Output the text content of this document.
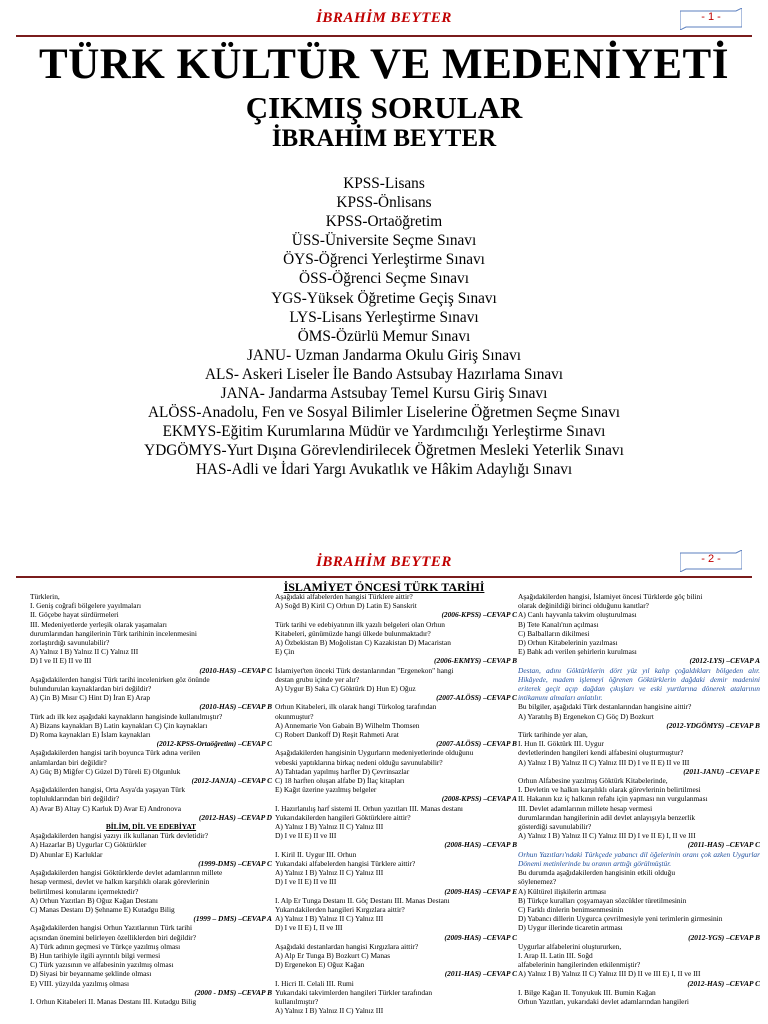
İBRAHİM BEYTER	- 1 -
TÜRK KÜLTÜR VE MEDENİYETİ
ÇIKMIŞ SORULAR
İBRAHİM BEYTER
KPSS-Lisans
KPSS-Önlisans
KPSS-Ortaöğretim
ÜSS-Üniversite Seçme Sınavı
ÖYS-Öğrenci Yerleştirme Sınavı
ÖSS-Öğrenci Seçme Sınavı
YGS-Yüksek Öğretime Geçiş Sınavı
LYS-Lisans Yerleştirme Sınavı
ÖMS-Özürlü Memur Sınavı
JANU- Uzman Jandarma Okulu Giriş Sınavı
ALS- Askeri Liseler İle Bando Astsubay Hazırlama Sınavı
JANA- Jandarma Astsubay Temel Kursu Giriş Sınavı
ALÖSS-Anadolu, Fen ve Sosyal Bilimler Liselerine Öğretmen Seçme Sınavı
EKMYS-Eğitim Kurumlarına Müdür ve Yardımcılığı Yerleştirme Sınavı
YDGÖMYS-Yurt Dışına Görevlendirilecek Öğretmen Mesleki Yeterlik Sınavı
HAS-Adli ve İdari Yargı Avukatlık ve Hâkim Adaylığı Sınavı
İBRAHİM BEYTER	- 2 -
İSLAMİYET ÖNCESİ TÜRK TARİHİ

Türklerin,

I. Geniş coğrafi bölgelere yayılmaları

II. Göçebe hayat sürdürmeleri

III. Medeniyetlerde yerleşik olarak yaşamaları

durumlarından hangilerinin Türk tarihinin incelenmesini

zorlaştırdığı savunulabilir?

A) Yalnız I B) Yalnız II C) Yalnız III

D) I ve II E) II ve III

(2010-HAS) –CEVAP C

Aşağıdakilerden hangisi Türk tarihi incelenirken göz önünde

bulundurulan kaynaklardan biri değildir?

A) Çin B) Mısır C) Hint D) İran E) Arap

(2010-HAS) –CEVAP B

Türk adı ilk kez aşağıdaki kaynakların hangisinde kullanılmıştır?

A) Bizans kaynakları B) Latin kaynakları C) Çin kaynakları

D) Roma kaynakları E) İslam kaynakları

(2012-KPSS-Ortaöğretim) –CEVAP C

Aşağıdakilerden hangisi tarih boyunca Türk adına verilen

anlamlardan biri değildir?

A) Güç B) Miğfer C) Güzel D) Türeli E) Olgunluk

(2012-JANJA) –CEVAP C

Aşağıdakilerden hangisi, Orta Asya'da yaşayan Türk

topluluklarından biri değildir?

A) Avar B) Altay C) Karluk D) Avar E) Andronova

(2012-HAS) –CEVAP D

BİLİM, DİL VE EDEBİYAT

Aşağıdakilerden hangisi yazıyı ilk kullanan Türk devletidir?

A) Hazarlar B) Uygurlar C) Göktürkler

D) Ahunlar E) Karluklar

(1999-DMS) –CEVAP C

Aşağıdakilerden hangisi Göktürklerde devlet adamlarının millete

hesap vermesi, devlet ve halkın karşılıklı olarak görevlerinin

belirtilmesi konularını içermektedir?

A) Orhun Yazıtları B) Oğuz Kağan Destanı

C) Manas Destanı D) Şehname E) Kutadgu Bilig

(1999 – DMS) –CEVAP A

Aşağıdakilerden hangisi Orhun Yazıtlarının Türk tarihi

açısından önemini belirleyen özelliklerden biri değildir?

A) Türk adının geçmesi ve Türkçe yazılmış olması

B) Hun tarihiyle ilgili ayrıntılı bilgi vermesi

C) Türk yazısının ve alfabesinin yazılmış olması

D) Siyasi bir beyanname şeklinde olması

E) VIII. yüzyılda yazılmış olması

(2000 - DMS) –CEVAP B

I. Orhun Kitabeleri II. Manas Destanı III. Kutadgu Bilig

Aşağıdaki alfabelerden hangisi Türklere aittir?

A) Soğd B) Kiril C) Orhun D) Latin E) Sanskrit

(2006-KPSS) –CEVAP C

Türk tarihi ve edebiyatının ilk yazılı belgeleri olan Orhun

Kitabeleri, günümüzde hangi ülkede bulunmaktadır?

A) Özbekistan B) Moğolistan C) Kazakistan D) Macaristan

E) Çin

(2006-EKMYS) –CEVAP B

İslamiyet'ten önceki Türk destanlarından "Ergenekon" hangi

destan grubu içinde yer alır?

A) Uygur B) Saka C) Göktürk D) Hun E) Oğuz

(2007-ALÖSS) –CEVAP C

Orhun Kitabeleri, ilk olarak hangi Türkolog tarafından

okunmuştur?

A) Annemarie Von Gabain B) Wilhelm Thomsen

C) Robert Dankoff D) Reşit Rahmeti Arat

(2007-ALÖSS) –CEVAP B

Aşağıdakilerden hangisinin Uygurların medeniyetlerinde olduğunu

vebeski yaptıklarına birkaç nedeni olduğu savunulabilir?

A) Tahtadan yapılmış harfler D) Çevrinsazlar

C) 18 harften oluşan alfabe D) İlaç kitapları

E) Kağıt üzerine yazılmış belgeler

(2008-KPSS) –CEVAP A

I. Hazırlanılış harf sistemi II. Orhun yazıtları III. Manas destanı

Yukarıdakilerden hangileri Göktürklere aittir?

A) Yalnız I B) Yalnız II C) Yalnız III

D) I ve II E) II ve III

(2008-HAS) –CEVAP B

I. Kiril II. Uygur III. Orhun

Yukarıdaki alfabelerden hangisi Türklere aittir?

A) Yalnız I B) Yalnız II C) Yalnız III

D) I ve II E) II ve III

(2009-HAS) –CEVAP E

I. Alp Er Tunga Destanı II. Göç Destanı III. Manas Destanı

Yukarıdakilerden hangileri Kırgızlara aittir?

A) Yalnız I B) Yalnız II C) Yalnız III

D) I ve II E) I, II ve III

(2009-HAS) –CEVAP C

Aşağıdaki destanlardan hangisi Kırgızlara aittir?

A) Alp Er Tunga B) Bozkurt C) Manas

D) Ergenekon E) Oğuz Kağan

(2011-HAS) –CEVAP C

I. Hicri II. Celali III. Rumi

Yukarıdaki takvimlerden hangileri Türkler tarafından

kullanılmıştır?

A) Yalnız I B) Yalnız II C) Yalnız III

Aşağıdakilerden hangisi, İslamiyet öncesi Türklerde göç bilini

olarak değinildiği birinci olduğunu kanıtlar?

A) Canlı hayvanla takvim oluşturulması

B) Tete Kanalı'nın açılması

C) Balbalların dikilmesi

D) Orhun Kitabelerinin yazılması

E) Bahk adı verilen şehirlerin kurulması

(2012-LYS) –CEVAP A

Destan, adını Göktürklerin dört yüz yıl kalıp çoğaldıkları bölgeden alır. Hikâyede, madem işlemeyi öğrenen Göktürklerin dağdaki demir madenini eriterek geçit açıp dağdan çıkışları ve eski yurtlarına dönerek atalarının intikamını almaları anlatılır.

Bu bilgiler, aşağıdaki Türk destanlarından hangisine aittir?

A) Yaratılış B) Ergenekon C) Göç D) Bozkurt

(2012-YDGÖMYS) –CEVAP B

Türk tarihinde yer alan,

I. Hun II. Göktürk III. Uygur

devletlerinden hangileri kendi alfabesini oluşturmuştur?

A) Yalnız I B) Yalnız II C) Yalnız III D) I ve II E) II ve III

(2011-JANU) –CEVAP E

Orhun Alfabesine yazılmış Göktürk Kitabelerinde,

I. Devletin ve halkın karşılıklı olarak görevlerinin belirtilmesi

II. Hakanın kız iç halkının refahı için yapması nın vurgulanması

III. Devlet adamlarının millete hesap vermesi

durumlarından hangilerinin adil devlet anlayışıyla benzerlik

gösterdiği savunulabilir?

A) Yalnız I B) Yalnız II C) Yalnız III D) I ve II E) I, II ve III

(2011-HAS) –CEVAP C

Orhun Yazıtları'ndaki Türkçede yabancı dil öğelerinin oranı çok azken Uygurlar Dönemi metinlerinde bu oranın arttığı görülmüştür.

Bu durumda aşağıdakilerden hangisinin etkili olduğu

söylenemez?

A) Kültürel ilişkilerin artması

B) Türkçe kuralları çoşyamayan sözcükler türetilmesinin

C) Farklı dinlerin benimsenmesinin

D) Yabancı dillerin Uygurca çevrilmesiyle yeni terimlerin girmesinin

D) Uygur illerinde ticaretin artması

(2012-YGS) –CEVAP B

Uygurlar alfabelerini oluştururken,

I. Arap II. Latin III. Soğd

alfabelerinin hangilerinden etkilenmiştir?

A) Yalnız I B) Yalnız II C) Yalnız III D) II ve III E) I, II ve III

(2012-HAS) –CEVAP C

I. Bilge Kağan II. Tonyukuk III. Bumin Kağan

Orhun Yazıtları, yukarıdaki devlet adamlarından hangileri
